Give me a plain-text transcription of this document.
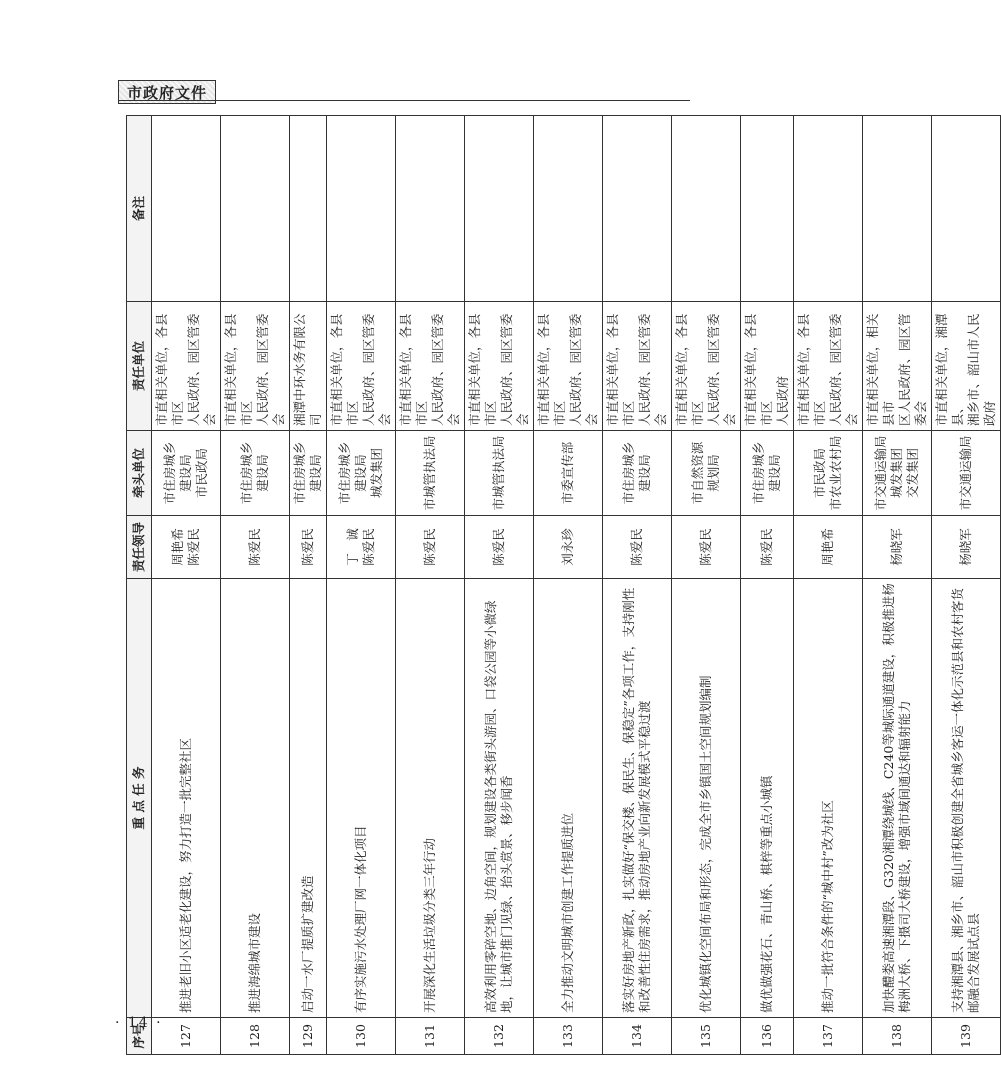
市政府文件
序号	重 点 任 务	责任领导	牵头单位	责任单位	备注
127	推进老旧小区适老化建设，努力打造一批完整社区	周艳希 陈爱民	市住房城乡 建设局 市民政局	市直相关单位，各县市区 人民政府、园区管委会	

128	推进海绵城市建设	陈爱民	市住房城乡 建设局	市直相关单位，各县市区 人民政府、园区管委会	

129	启动一水厂提质扩建改造	陈爱民	市住房城乡 建设局	湘潭中环水务有限公司	

130	有序实施污水处理厂网一体化项目	丁　诚 陈爱民	市住房城乡 建设局 城发集团	市直相关单位，各县市区 人民政府、园区管委会	

131	开展深化生活垃圾分类三年行动	陈爱民	市城管执法局	市直相关单位，各县市区 人民政府、园区管委会	

132	高效利用零碎空地、边角空间，规划建设各类街头游园、口袋公园等小微绿地，让城市推门见绿、抬头赏景、移步闻香	陈爱民	市城管执法局	市直相关单位，各县市区 人民政府、园区管委会	

133	全力推动文明城市创建工作提质进位	刘永珍	市委宣传部	市直相关单位，各县市区 人民政府、园区管委会	

134	落实好房地产新政，扎实做好“保交楼、保民生、保稳定”各项工作，支持刚性和改善性住房需求，推动房地产业向新发展模式平稳过渡	陈爱民	市住房城乡 建设局	市直相关单位，各县市区 人民政府、园区管委会	

135	优化城镇化空间布局和形态，完成全市乡镇国土空间规划编制	陈爱民	市自然资源 规划局	市直相关单位，各县市区 人民政府、园区管委会	

136	做优做强花石、青山桥、棋梓等重点小城镇	陈爱民	市住房城乡 建设局	市直相关单位，各县市区 人民政府	

137	推动一批符合条件的“城中村”改为社区	周艳希	市民政局 市农业农村局	市直相关单位，各县市区 人民政府、园区管委会	

138	加快醴娄高速湘潭段、G320湘潭绕城线、C240等城际通道建设，积极推进杨梅洲大桥、下摄司大桥建设，增强市域间通达和辐射能力	杨晓军	市交通运输局 城发集团 交发集团	市直相关单位，相关县市 区人民政府、园区管委会	

139	支持湘潭县、湘乡市、韶山市积极创建全省城乡客运一体化示范县和农村客货邮融合发展试点县	杨晓军	市交通运输局	市直相关单位，湘潭县、 湘乡市、韶山市人民政府	

· 14 ·
